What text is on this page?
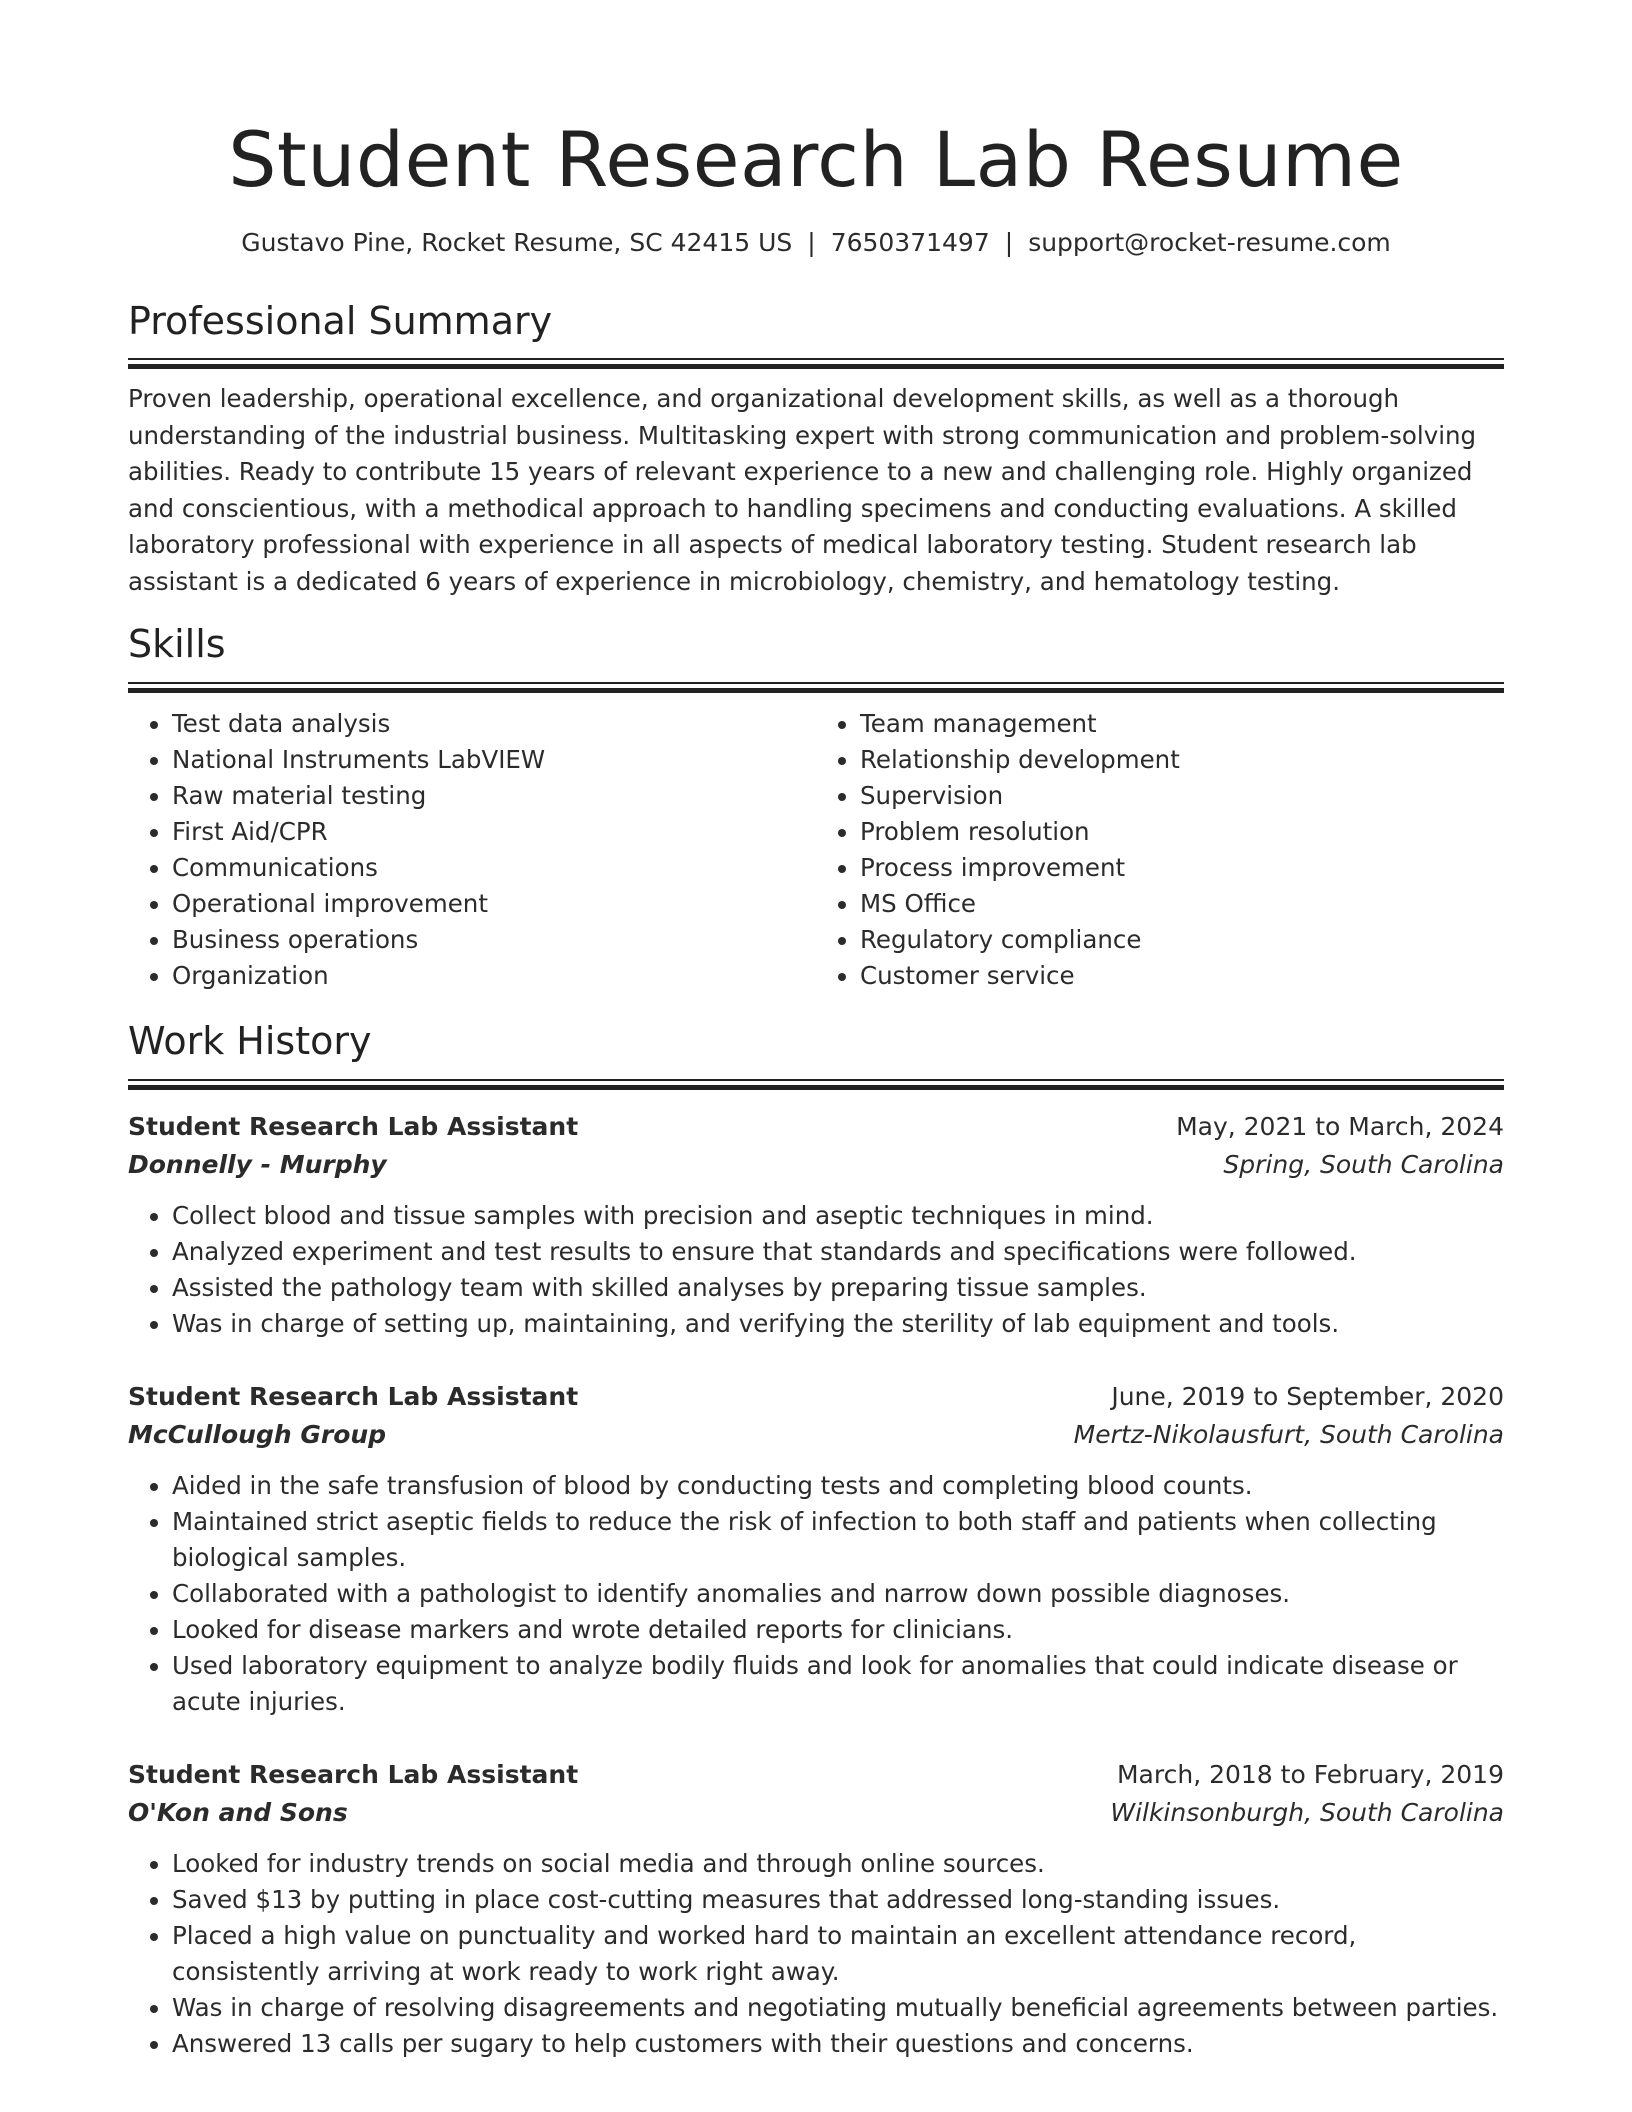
Student Research Lab Resume
Gustavo Pine, Rocket Resume, SC 42415 US | 7650371497 | support@rocket-resume.com
Professional Summary

Proven leadership, operational excellence, and organizational development skills, as well as a thorough understanding of the industrial business. Multitasking expert with strong communication and problem-solving abilities. Ready to contribute 15 years of relevant experience to a new and challenging role. Highly organized and conscientious, with a methodical approach to handling specimens and conducting evaluations. A skilled laboratory professional with experience in all aspects of medical laboratory testing. Student research lab assistant is a dedicated 6 years of experience in microbiology, chemistry, and hematology testing.

Skills
• Test data analysis
• National Instruments LabVIEW
• Raw material testing
• First Aid/CPR
• Communications
• Operational improvement
• Business operations
• Organization
• Team management
• Relationship development
• Supervision
• Problem resolution
• Process improvement
• MS Office
• Regulatory compliance
• Customer service
Work History
Student Research Lab Assistant	May, 2021 to March, 2024
Donnelly - Murphy	Spring, South Carolina
• Collect blood and tissue samples with precision and aseptic techniques in mind.
• Analyzed experiment and test results to ensure that standards and specifications were followed.
• Assisted the pathology team with skilled analyses by preparing tissue samples.
• Was in charge of setting up, maintaining, and verifying the sterility of lab equipment and tools.
Student Research Lab Assistant	June, 2019 to September, 2020
McCullough Group	Mertz-Nikolausfurt, South Carolina
• Aided in the safe transfusion of blood by conducting tests and completing blood counts.
• Maintained strict aseptic fields to reduce the risk of infection to both staff and patients when collecting biological samples.
• Collaborated with a pathologist to identify anomalies and narrow down possible diagnoses.
• Looked for disease markers and wrote detailed reports for clinicians.
• Used laboratory equipment to analyze bodily fluids and look for anomalies that could indicate disease or acute injuries.
Student Research Lab Assistant	March, 2018 to February, 2019
O'Kon and Sons	Wilkinsonburgh, South Carolina
• Looked for industry trends on social media and through online sources.
• Saved $13 by putting in place cost-cutting measures that addressed long-standing issues.
• Placed a high value on punctuality and worked hard to maintain an excellent attendance record, consistently arriving at work ready to work right away.
• Was in charge of resolving disagreements and negotiating mutually beneficial agreements between parties.
• Answered 13 calls per sugary to help customers with their questions and concerns.
